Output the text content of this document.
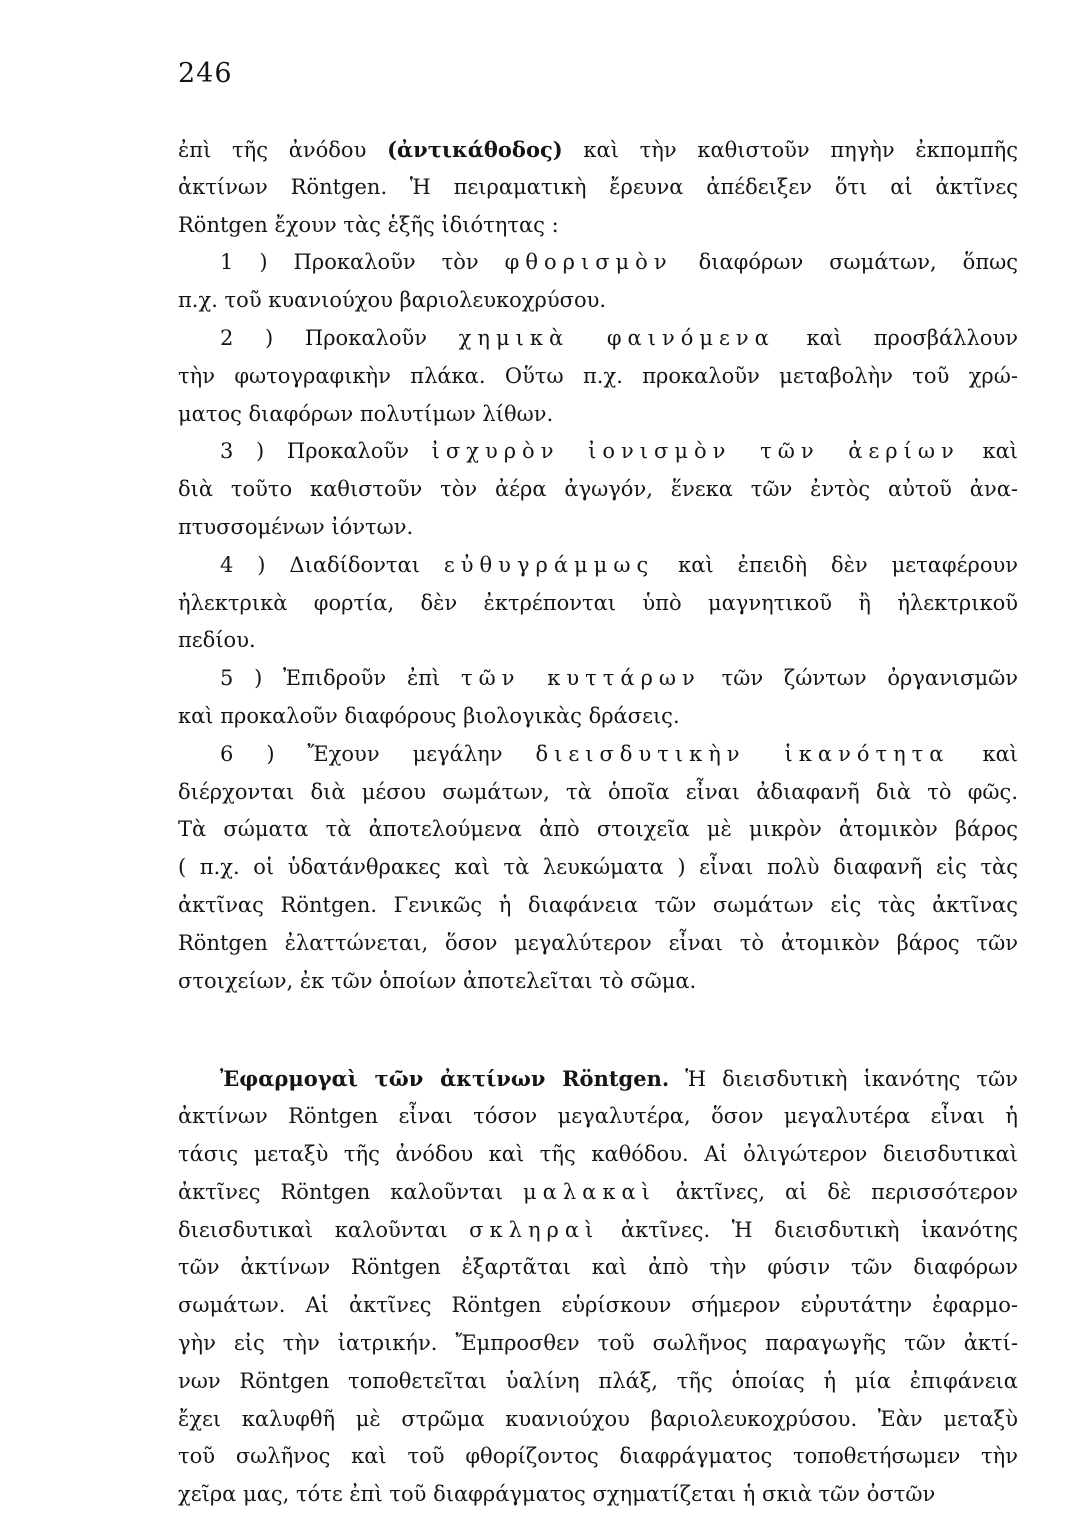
246
ἐπὶ τῆς ἀνόδου (ἀντικάθοδος) καὶ τὴν καθιστοῦν πηγὴν ἐκπομπῆς
ἀκτίνων Röntgen. Ἡ πειραματικὴ ἔρευνα ἀπέδειξεν ὅτι αἱ ἀκτῖνες
Röntgen ἔχουν τὰς ἑξῆς ἰδιότητας :
1 ) Προκαλοῦν τὸν φθορισμὸν διαφόρων σωμάτων, ὅπως
π.χ. τοῦ κυανιούχου βαριολευκοχρύσου.
2 ) Προκαλοῦν χημικὰ φαινόμενα καὶ προσβάλλουν
τὴν φωτογραφικὴν πλάκα. Οὕτω π.χ. προκαλοῦν μεταβολὴν τοῦ χρώ-
ματος διαφόρων πολυτίμων λίθων.
3 ) Προκαλοῦν ἰσχυρὸν ἰονισμὸν τῶν ἀερίων καὶ
διὰ τοῦτο καθιστοῦν τὸν ἀέρα ἀγωγόν, ἕνεκα τῶν ἐντὸς αὐτοῦ ἀνα-
πτυσσομένων ἰόντων.
4 ) Διαδίδονται εὐθυγράμμως καὶ ἐπειδὴ δὲν μεταφέρουν
ἠλεκτρικὰ φορτία, δὲν ἐκτρέπονται ὑπὸ μαγνητικοῦ ἢ ἠλεκτρικοῦ
πεδίου.
5 ) Ἐπιδροῦν ἐπὶ τῶν κυττάρων τῶν ζώντων ὀργανισμῶν
καὶ προκαλοῦν διαφόρους βιολογικὰς δράσεις.
6 ) Ἔχουν μεγάλην διεισδυτικὴν ἱκανότητα καὶ
διέρχονται διὰ μέσου σωμάτων, τὰ ὁποῖα εἶναι ἀδιαφανῆ διὰ τὸ φῶς.
Τὰ σώματα τὰ ἀποτελούμενα ἀπὸ στοιχεῖα μὲ μικρὸν ἀτομικὸν βάρος
( π.χ. οἱ ὑδατάνθρακες καὶ τὰ λευκώματα ) εἶναι πολὺ διαφανῆ εἰς τὰς
ἀκτῖνας Röntgen. Γενικῶς ἡ διαφάνεια τῶν σωμάτων εἰς τὰς ἀκτῖνας
Röntgen ἐλαττώνεται, ὅσον μεγαλύτερον εἶναι τὸ ἀτομικὸν βάρος τῶν
στοιχείων, ἐκ τῶν ὁποίων ἀποτελεῖται τὸ σῶμα.
Ἐφαρμογαὶ τῶν ἀκτίνων Röntgen. Ἡ διεισδυτικὴ ἱκανότης τῶν
ἀκτίνων Röntgen εἶναι τόσον μεγαλυτέρα, ὅσον μεγαλυτέρα εἶναι ἡ
τάσις μεταξὺ τῆς ἀνόδου καὶ τῆς καθόδου. Αἱ ὀλιγώτερον διεισδυτικαὶ
ἀκτῖνες Röntgen καλοῦνται μαλακαὶ ἀκτῖνες, αἱ δὲ περισσότερον
διεισδυτικαὶ καλοῦνται σκληραὶ ἀκτῖνες. Ἡ διεισδυτικὴ ἱκανότης
τῶν ἀκτίνων Röntgen ἐξαρτᾶται καὶ ἀπὸ τὴν φύσιν τῶν διαφόρων
σωμάτων. Αἱ ἀκτῖνες Röntgen εὑρίσκουν σήμερον εὐρυτάτην ἐφαρμο-
γὴν εἰς τὴν ἰατρικήν. Ἔμπροσθεν τοῦ σωλῆνος παραγωγῆς τῶν ἀκτί-
νων Röntgen τοποθετεῖται ὑαλίνη πλάξ, τῆς ὁποίας ἡ μία ἐπιφάνεια
ἔχει καλυφθῆ μὲ στρῶμα κυανιούχου βαριολευκοχρύσου. Ἐὰν μεταξὺ
τοῦ σωλῆνος καὶ τοῦ φθορίζοντος διαφράγματος τοποθετήσωμεν τὴν
χεῖρα μας, τότε ἐπὶ τοῦ διαφράγματος σχηματίζεται ἡ σκιὰ τῶν ὀστῶν
